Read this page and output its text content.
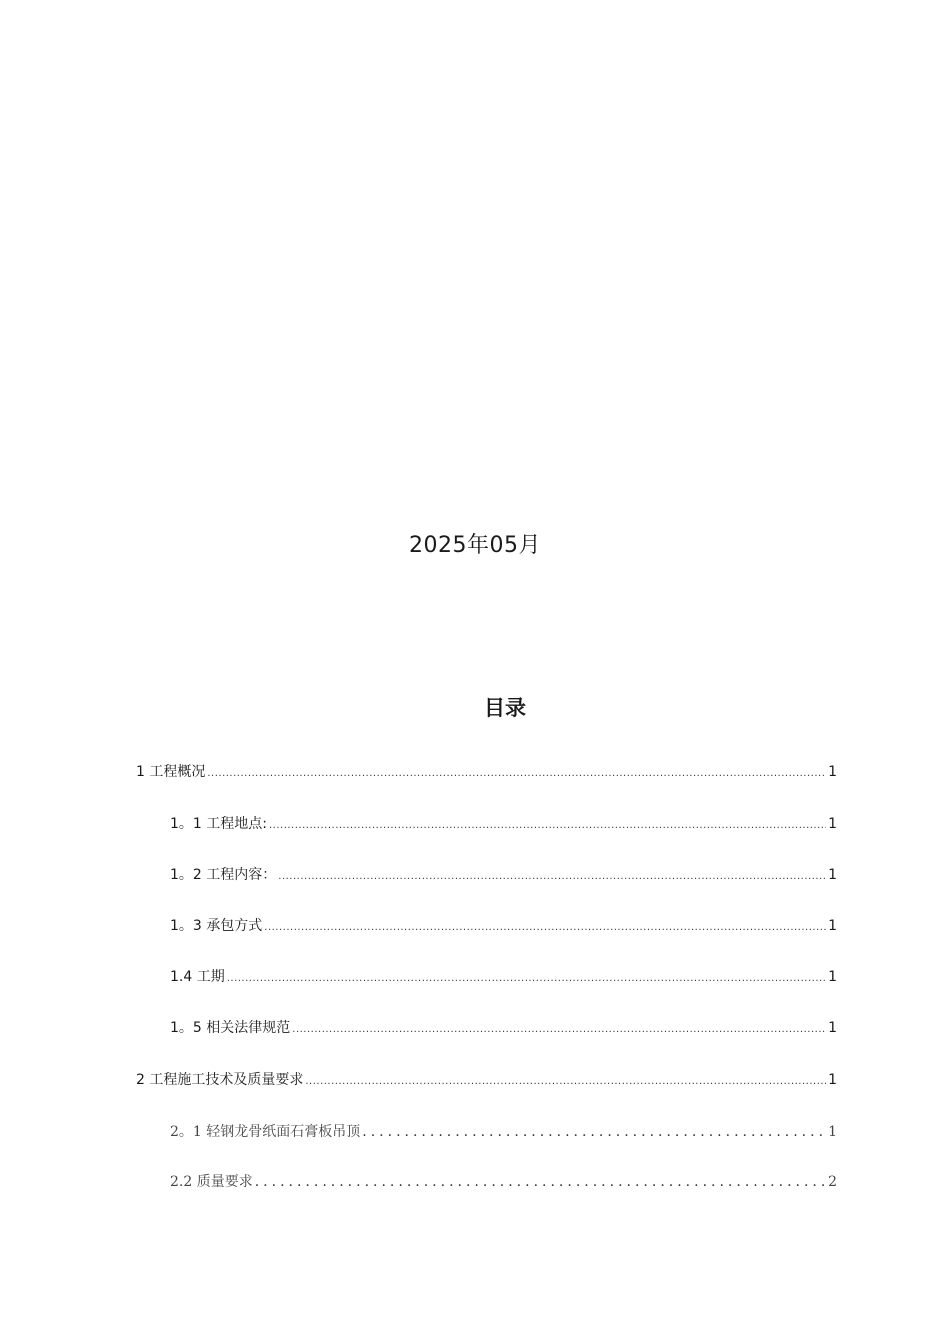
2025年05月
目录
1 工程概况 .....	1
1。1 工程地点: .....	1
1。2 工程内容： .....	1
1。3 承包方式 .....	1
1.4 工期 .....	1
1。5 相关法律规范 .....	1
2 工程施工技术及质量要求 .....	1
2。1 轻钢龙骨纸面石膏板吊顶 .....	1
2.2 质量要求 .....	2
